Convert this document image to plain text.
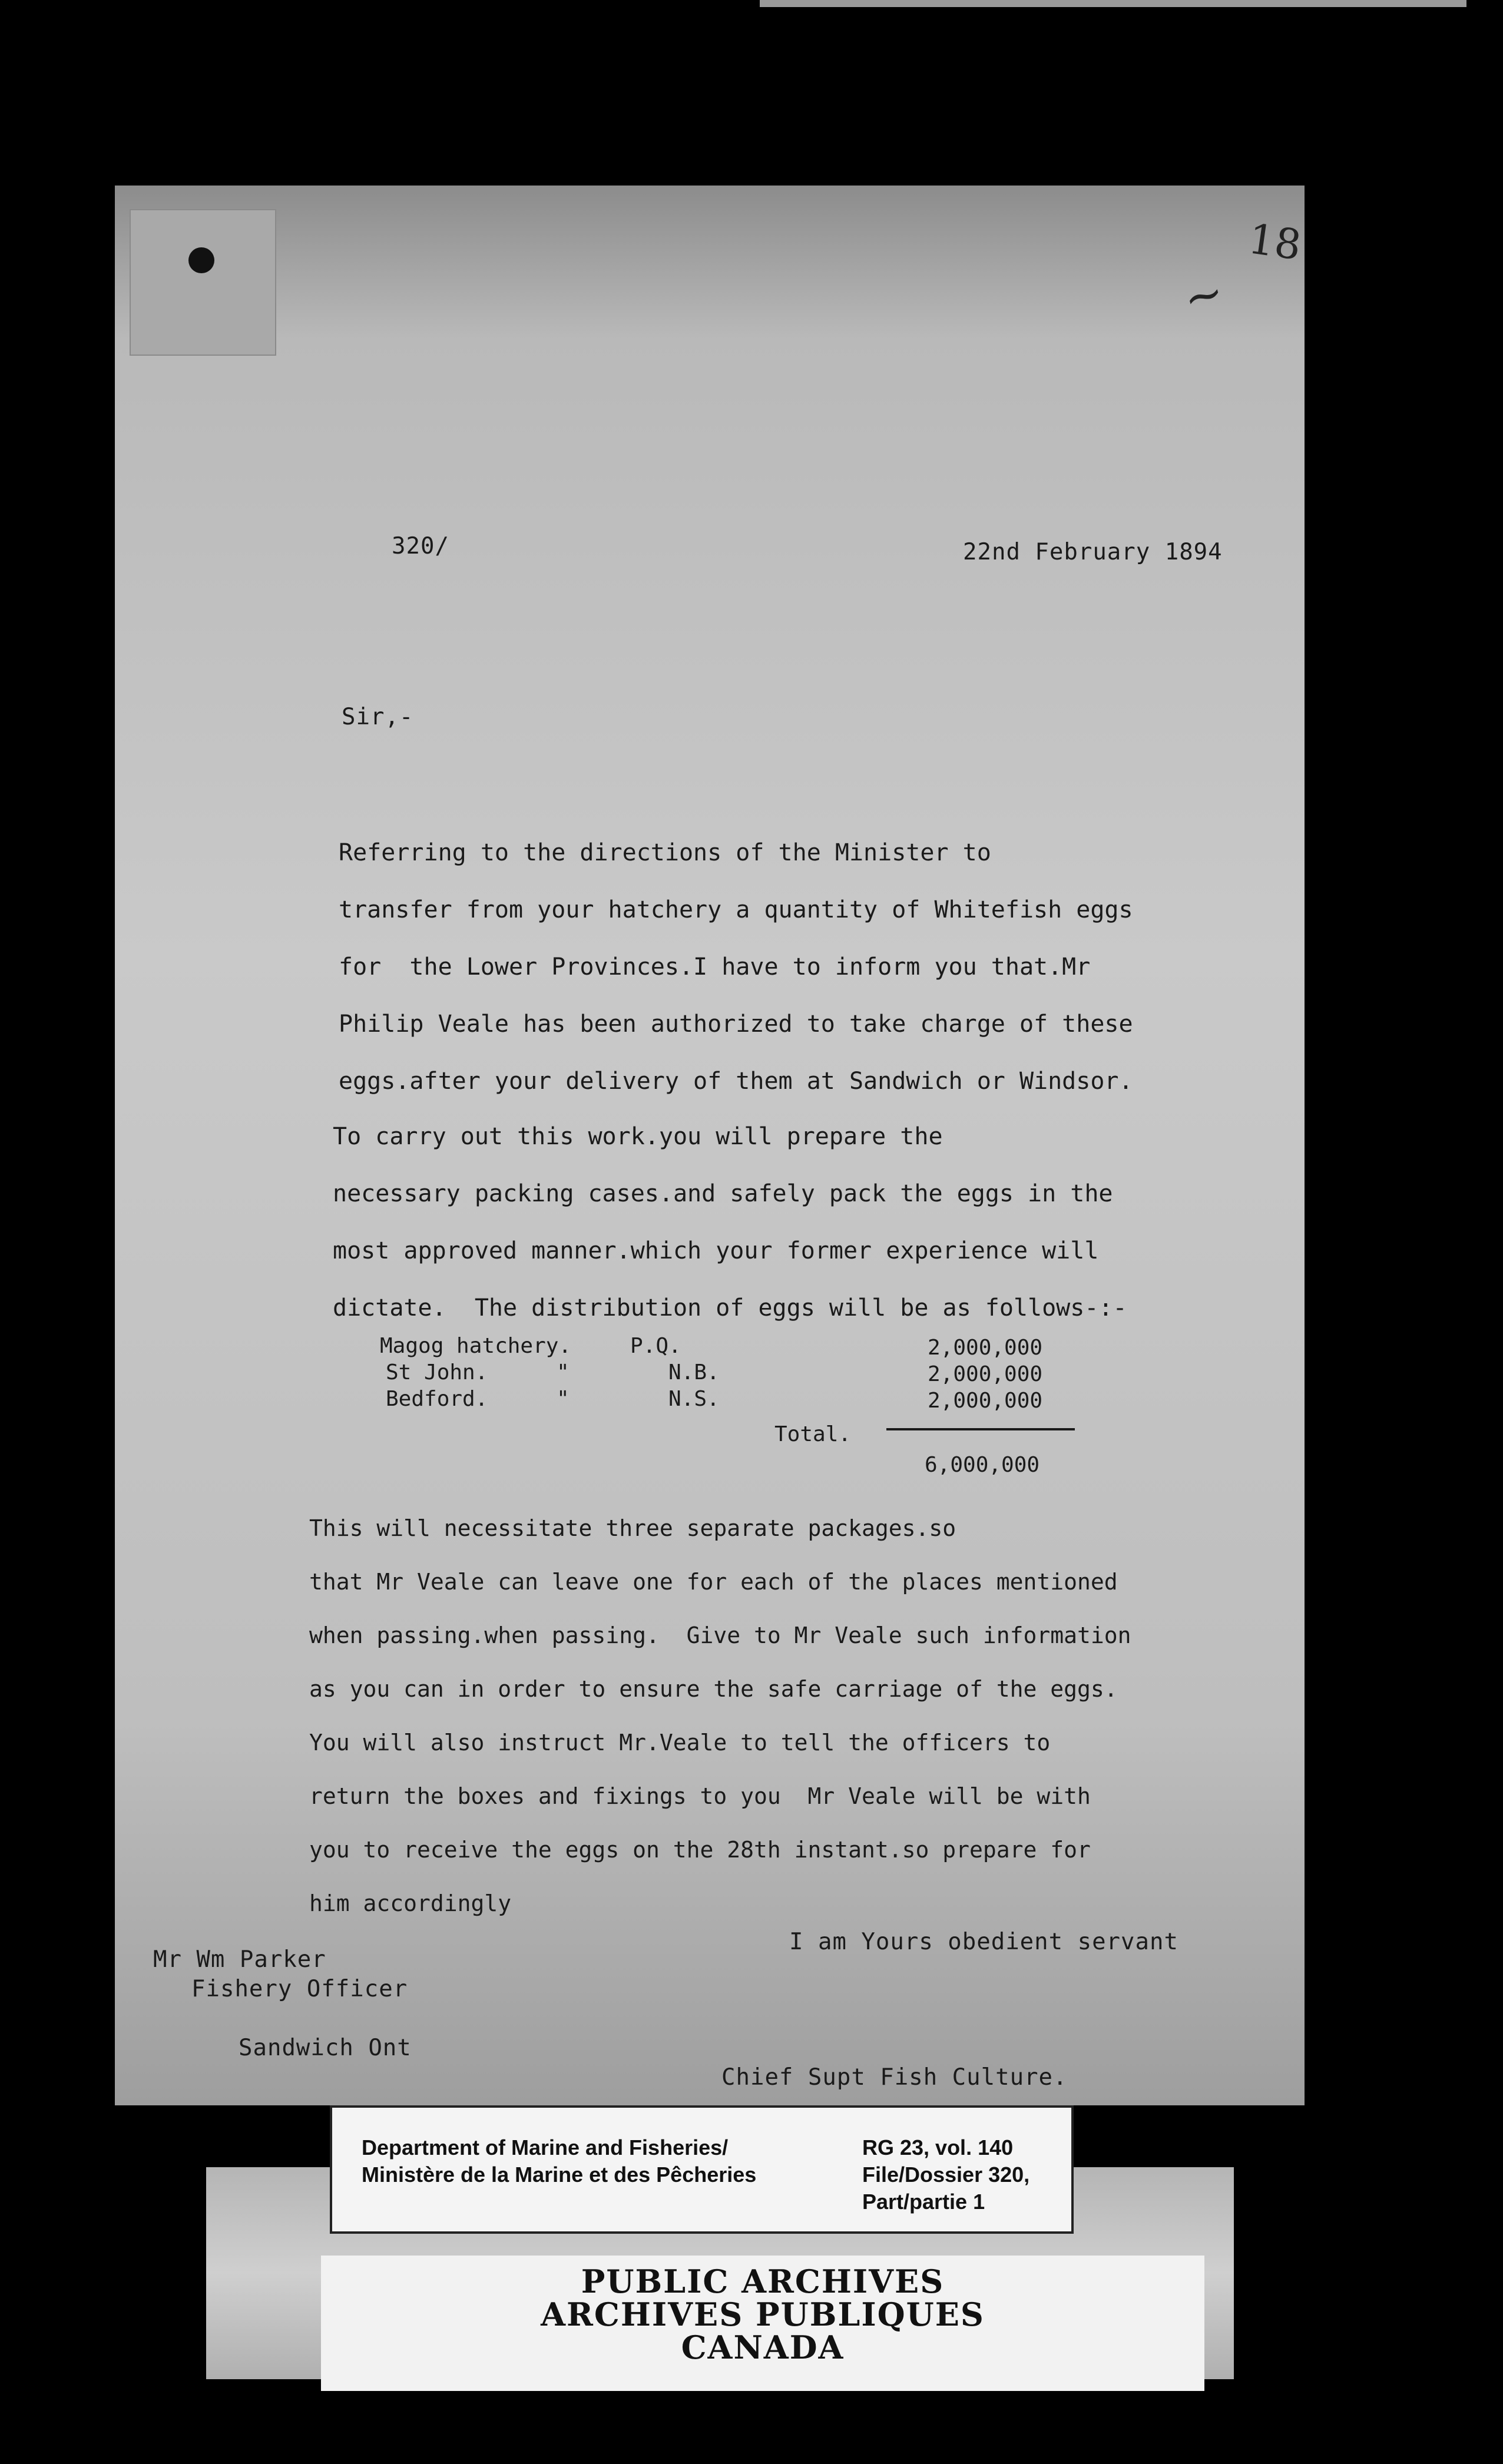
18
~
320/	22nd February 1894
Sir,-
Referring to the directions of the Minister to
transfer from your hatchery a quantity of Whitefish eggs
for  the Lower Provinces.I have to inform you that.Mr
Philip Veale has been authorized to take charge of these
eggs.after your delivery of them at Sandwich or Windsor.
To carry out this work.you will prepare the
necessary packing cases.and safely pack the eggs in the
most approved manner.which your former experience will
dictate.  The distribution of eggs will be as follows-:-
Magog hatchery.	P.Q.	2,000,000
St John.	"	N.B.	2,000,000
Bedford.	"	N.S.	2,000,000
Total.
6,000,000
This will necessitate three separate packages.so
that Mr Veale can leave one for each of the places mentioned
when passing.when passing.  Give to Mr Veale such information
as you can in order to ensure the safe carriage of the eggs.
You will also instruct Mr.Veale to tell the officers to
return the boxes and fixings to you  Mr Veale will be with
you to receive the eggs on the 28th instant.so prepare for
him accordingly
I am Yours obedient servant
Mr Wm Parker
Fishery Officer
Sandwich Ont
Chief Supt Fish Culture.
Department of Marine and Fisheries/
Ministère de la Marine et des Pêcheries
RG 23, vol. 140
File/Dossier 320,
Part/partie 1
PUBLIC ARCHIVES
ARCHIVES PUBLIQUES
CANADA
